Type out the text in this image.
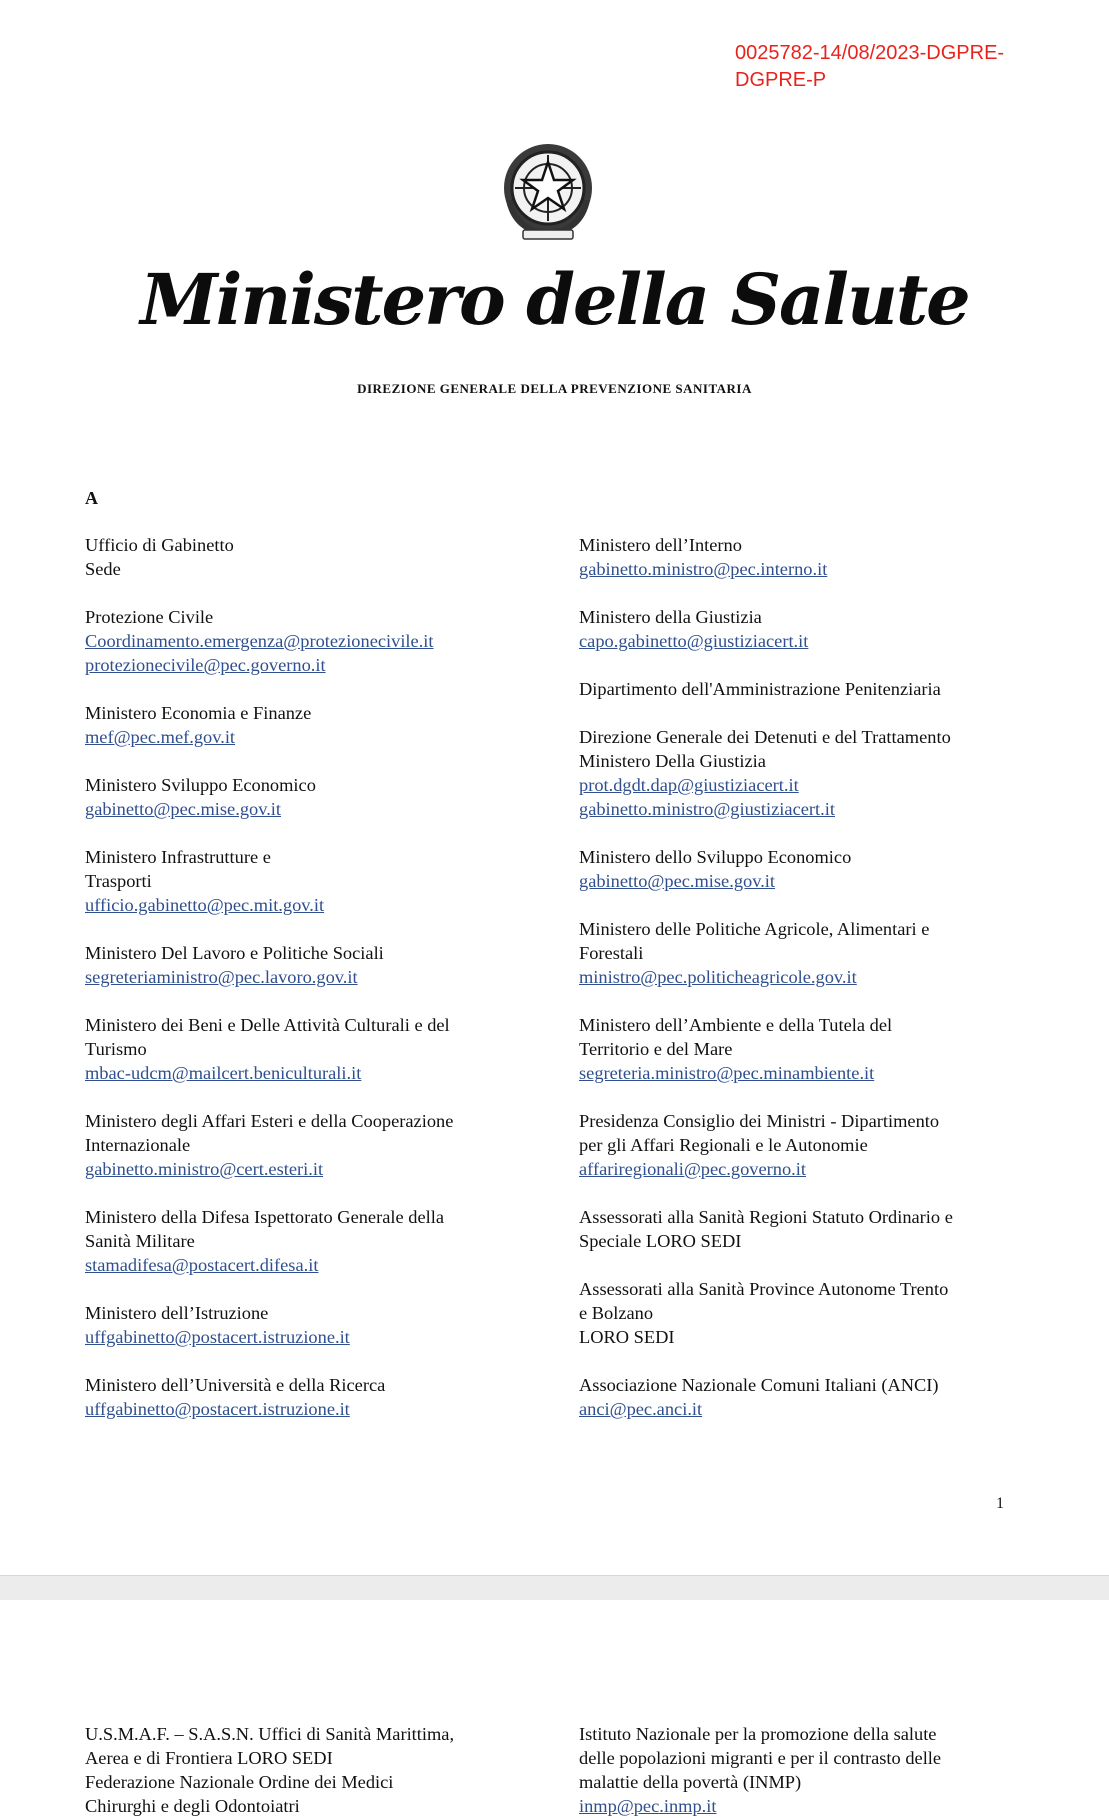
0025782-14/08/2023-DGPRE-
DGPRE-P
Ministero della Salute
DIREZIONE GENERALE DELLA PREVENZIONE SANITARIA
A
Ufficio di Gabinetto
Sede
Protezione Civile
Coordinamento.emergenza@protezionecivile.it
protezionecivile@pec.governo.it
Ministero Economia e Finanze
mef@pec.mef.gov.it
Ministero Sviluppo Economico
gabinetto@pec.mise.gov.it
Ministero Infrastrutture e
Trasporti
ufficio.gabinetto@pec.mit.gov.it
Ministero Del Lavoro e Politiche Sociali
segreteriaministro@pec.lavoro.gov.it
Ministero dei Beni e Delle Attività Culturali e del
Turismo
mbac-udcm@mailcert.beniculturali.it
Ministero degli Affari Esteri e della Cooperazione
Internazionale
gabinetto.ministro@cert.esteri.it
Ministero della Difesa Ispettorato Generale della
Sanità Militare
stamadifesa@postacert.difesa.it
Ministero dell’Istruzione
uffgabinetto@postacert.istruzione.it
Ministero dell’Università e della Ricerca
uffgabinetto@postacert.istruzione.it
Ministero dell’Interno
gabinetto.ministro@pec.interno.it
Ministero della Giustizia
capo.gabinetto@giustiziacert.it
Dipartimento dell'Amministrazione Penitenziaria
Direzione Generale dei Detenuti e del Trattamento
Ministero Della Giustizia
prot.dgdt.dap@giustiziacert.it
gabinetto.ministro@giustiziacert.it
Ministero dello Sviluppo Economico
gabinetto@pec.mise.gov.it
Ministero delle Politiche Agricole, Alimentari e
Forestali
ministro@pec.politicheagricole.gov.it
Ministero dell’Ambiente e della Tutela del
Territorio e del Mare
segreteria.ministro@pec.minambiente.it
Presidenza Consiglio dei Ministri - Dipartimento
per gli Affari Regionali e le Autonomie
affariregionali@pec.governo.it
Assessorati alla Sanità Regioni Statuto Ordinario e
Speciale LORO SEDI
Assessorati alla Sanità Province Autonome Trento
e Bolzano
LORO SEDI
Associazione Nazionale Comuni Italiani (ANCI)
anci@pec.anci.it
1
U.S.M.A.F. – S.A.S.N. Uffici di Sanità Marittima,
Aerea e di Frontiera LORO SEDI
Federazione Nazionale Ordine dei Medici
Chirurghi e degli Odontoiatri
Istituto Nazionale per la promozione della salute
delle popolazioni migranti e per il contrasto delle
malattie della povertà (INMP)
inmp@pec.inmp.it
